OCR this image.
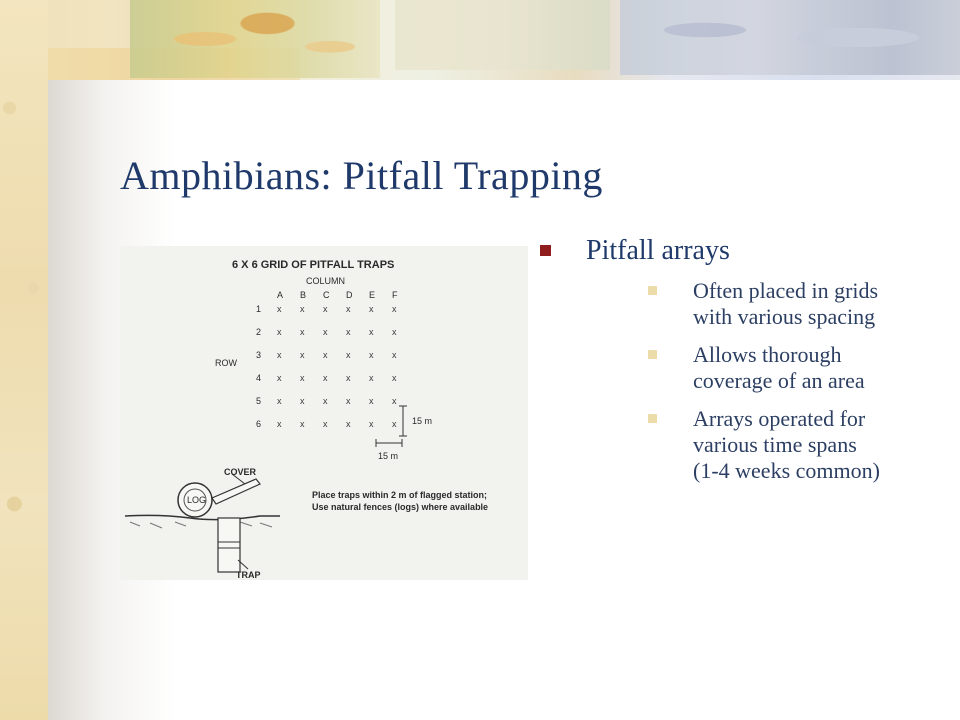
Amphibians: Pitfall Trapping
6 X 6 GRID OF PITFALL TRAPS
COLUMN
ROW
A B C D E F
1 x x x x x x
2 x x x x x x
3 x x x x x x
4 x x x x x x
5 x x x x x x
6 x x x x x x 15 m
15 m
LOG
COVER
TRAP
Place traps within 2 m of flagged station;
Use natural fences (logs) where available
Pitfall arrays
Often placed in grids
with various spacing
Allows thorough
coverage of an area
Arrays operated for
various time spans
(1-4 weeks common)
